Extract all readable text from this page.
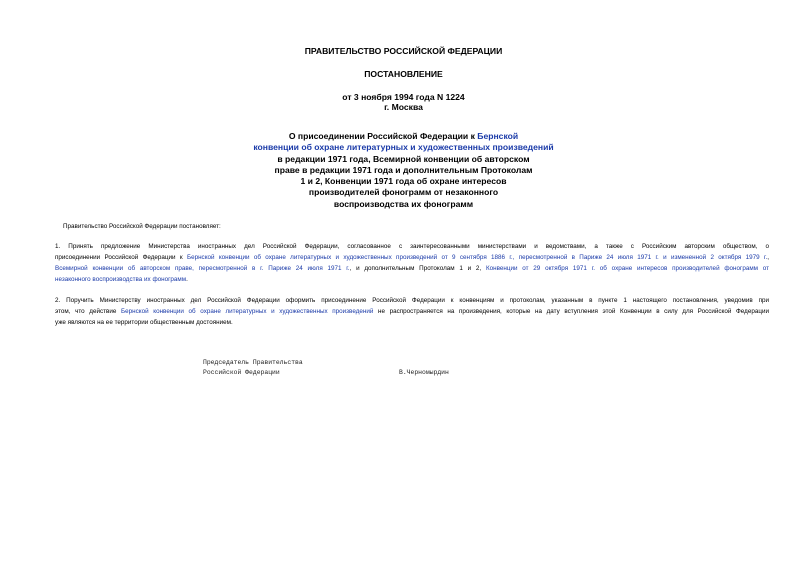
ПРАВИТЕЛЬСТВО РОССИЙСКОЙ ФЕДЕРАЦИИ
ПОСТАНОВЛЕНИЕ
от 3 ноября 1994 года N 1224
г. Москва
О присоединении Российской Федерации к Бернской
конвенции об охране литературных и художественных произведений
в редакции 1971 года, Всемирной конвенции об авторском
праве в редакции 1971 года и дополнительным Протоколам
1 и 2, Конвенции 1971 года об охране интересов
производителей фонограмм от незаконного
воспроизводства их фонограмм
Правительство Российской Федерации постановляет:
1. Принять предложение Министерства иностранных дел Российской Федерации, согласованное с заинтересованными министерствами и ведомствами, а также с Российским авторским обществом, о
присоединении Российской Федерации к Бернской конвенции об охране литературных и художественных произведений от 9 сентября 1886 г., пересмотренной в Париже 24 июля 1971 г. и измененной 2 октября 1979 г.,
Всемирной конвенции об авторском праве, пересмотренной в г. Париже 24 июля 1971 г., и дополнительным Протоколам 1 и 2, Конвенции от 29 октября 1971 г. об охране интересов производителей фонограмм от
незаконного воспроизводства их фонограмм.
2. Поручить Министерству иностранных дел Российской Федерации оформить присоединение Российской Федерации к конвенциям и протоколам, указанным в пункте 1 настоящего постановления, уведомив при
этом, что действие Бернской конвенции об охране литературных и художественных произведений не распространяется на произведения, которые на дату вступления этой Конвенции в силу для Российской Федерации
уже являются на ее территории общественным достоянием.
Председатель Правительства
Российской Федерации	В.Черномырдин
